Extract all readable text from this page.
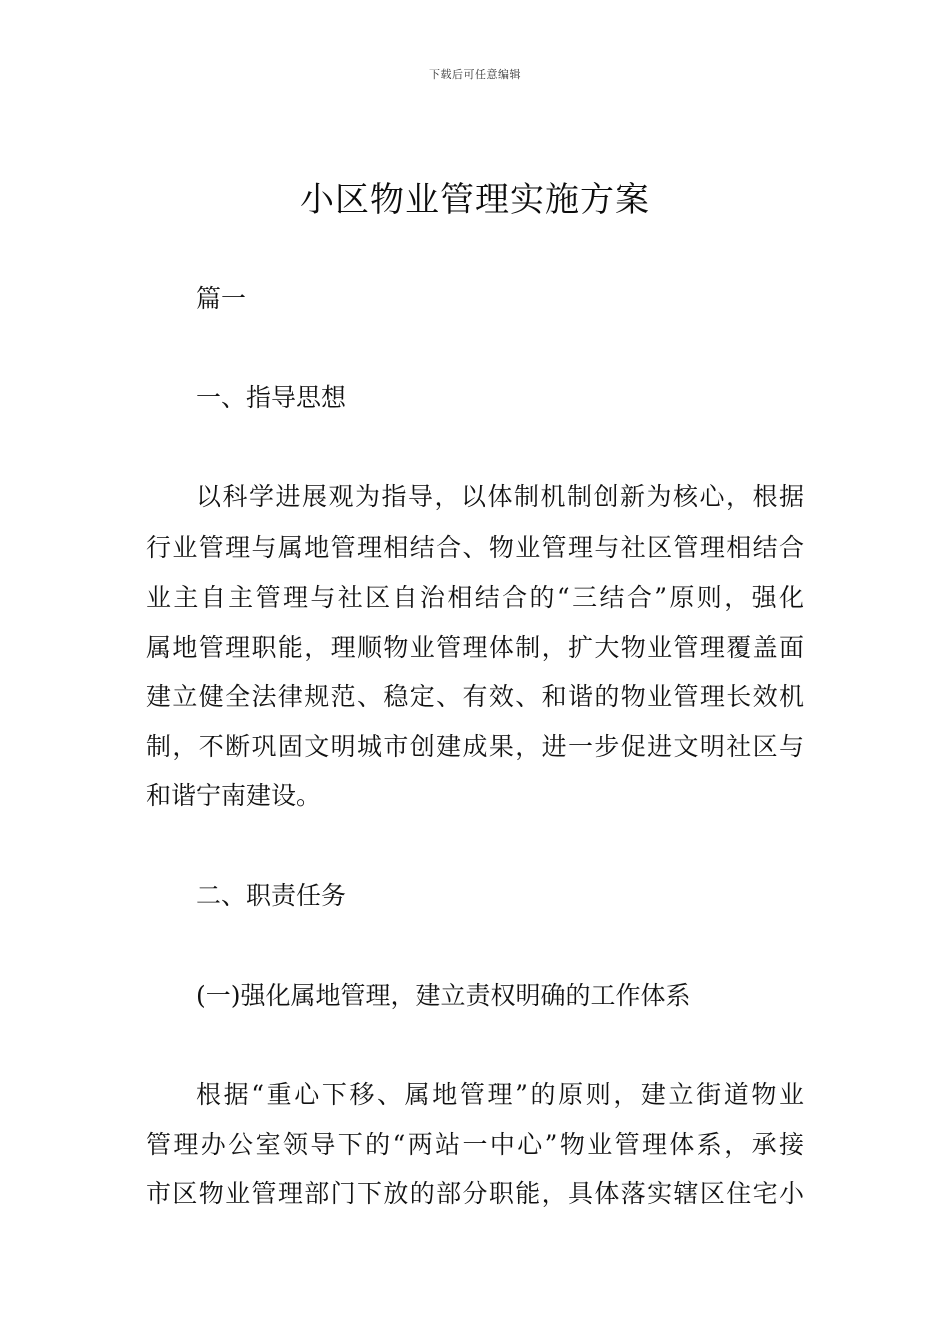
下载后可任意编辑
小区物业管理实施方案
篇一
一、指导思想
以科学进展观为指导，以体制机制创新为核心，根据
行业管理与属地管理相结合、物业管理与社区管理相结合
业主自主管理与社区自治相结合的“三结合”原则，强化
属地管理职能，理顺物业管理体制，扩大物业管理覆盖面
建立健全法律规范、稳定、有效、和谐的物业管理长效机
制，不断巩固文明城市创建成果，进一步促进文明社区与
和谐宁南建设。
二、职责任务
(一)强化属地管理，建立责权明确的工作体系
根据“重心下移、属地管理”的原则，建立街道物业
管理办公室领导下的“两站一中心”物业管理体系，承接
市区物业管理部门下放的部分职能，具体落实辖区住宅小
